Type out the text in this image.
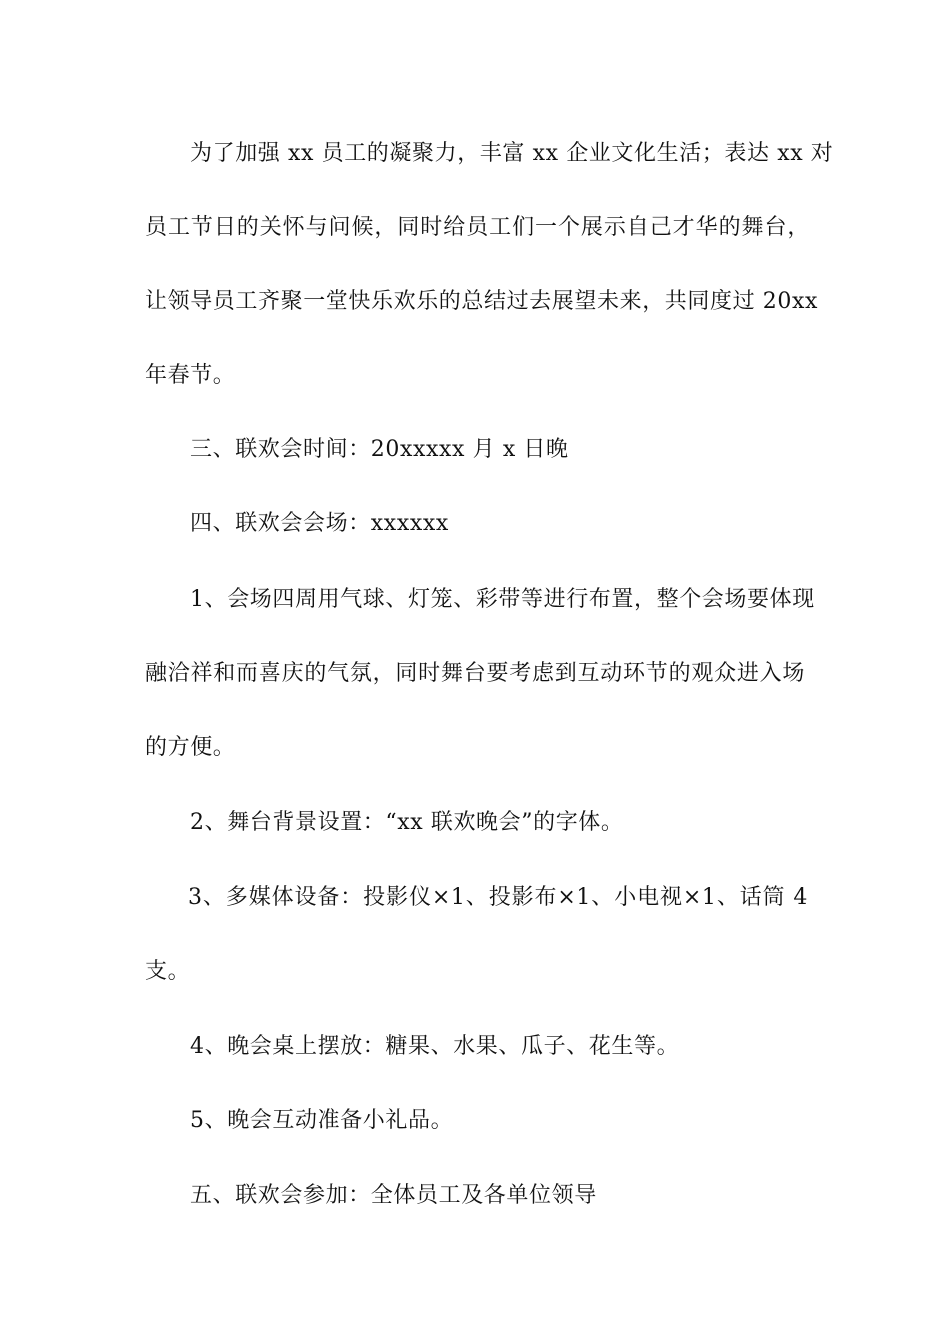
为了加强 xx 员工的凝聚力，丰富 xx 企业文化生活；表达 xx 对
员工节日的关怀与问候，同时给员工们一个展示自己才华的舞台，
让领导员工齐聚一堂快乐欢乐的总结过去展望未来，共同度过 20xx
年春节。
三、联欢会时间：20xxxxx 月 x 日晚
四、联欢会会场：xxxxxx
1、会场四周用气球、灯笼、彩带等进行布置，整个会场要体现
融洽祥和而喜庆的气氛，同时舞台要考虑到互动环节的观众进入场
的方便。
2、舞台背景设置：“xx 联欢晚会”的字体。
3、多媒体设备：投影仪×1、投影布×1、小电视×1、话筒 4
支。
4、晚会桌上摆放：糖果、水果、瓜子、花生等。
5、晚会互动准备小礼品。
五、联欢会参加：全体员工及各单位领导
